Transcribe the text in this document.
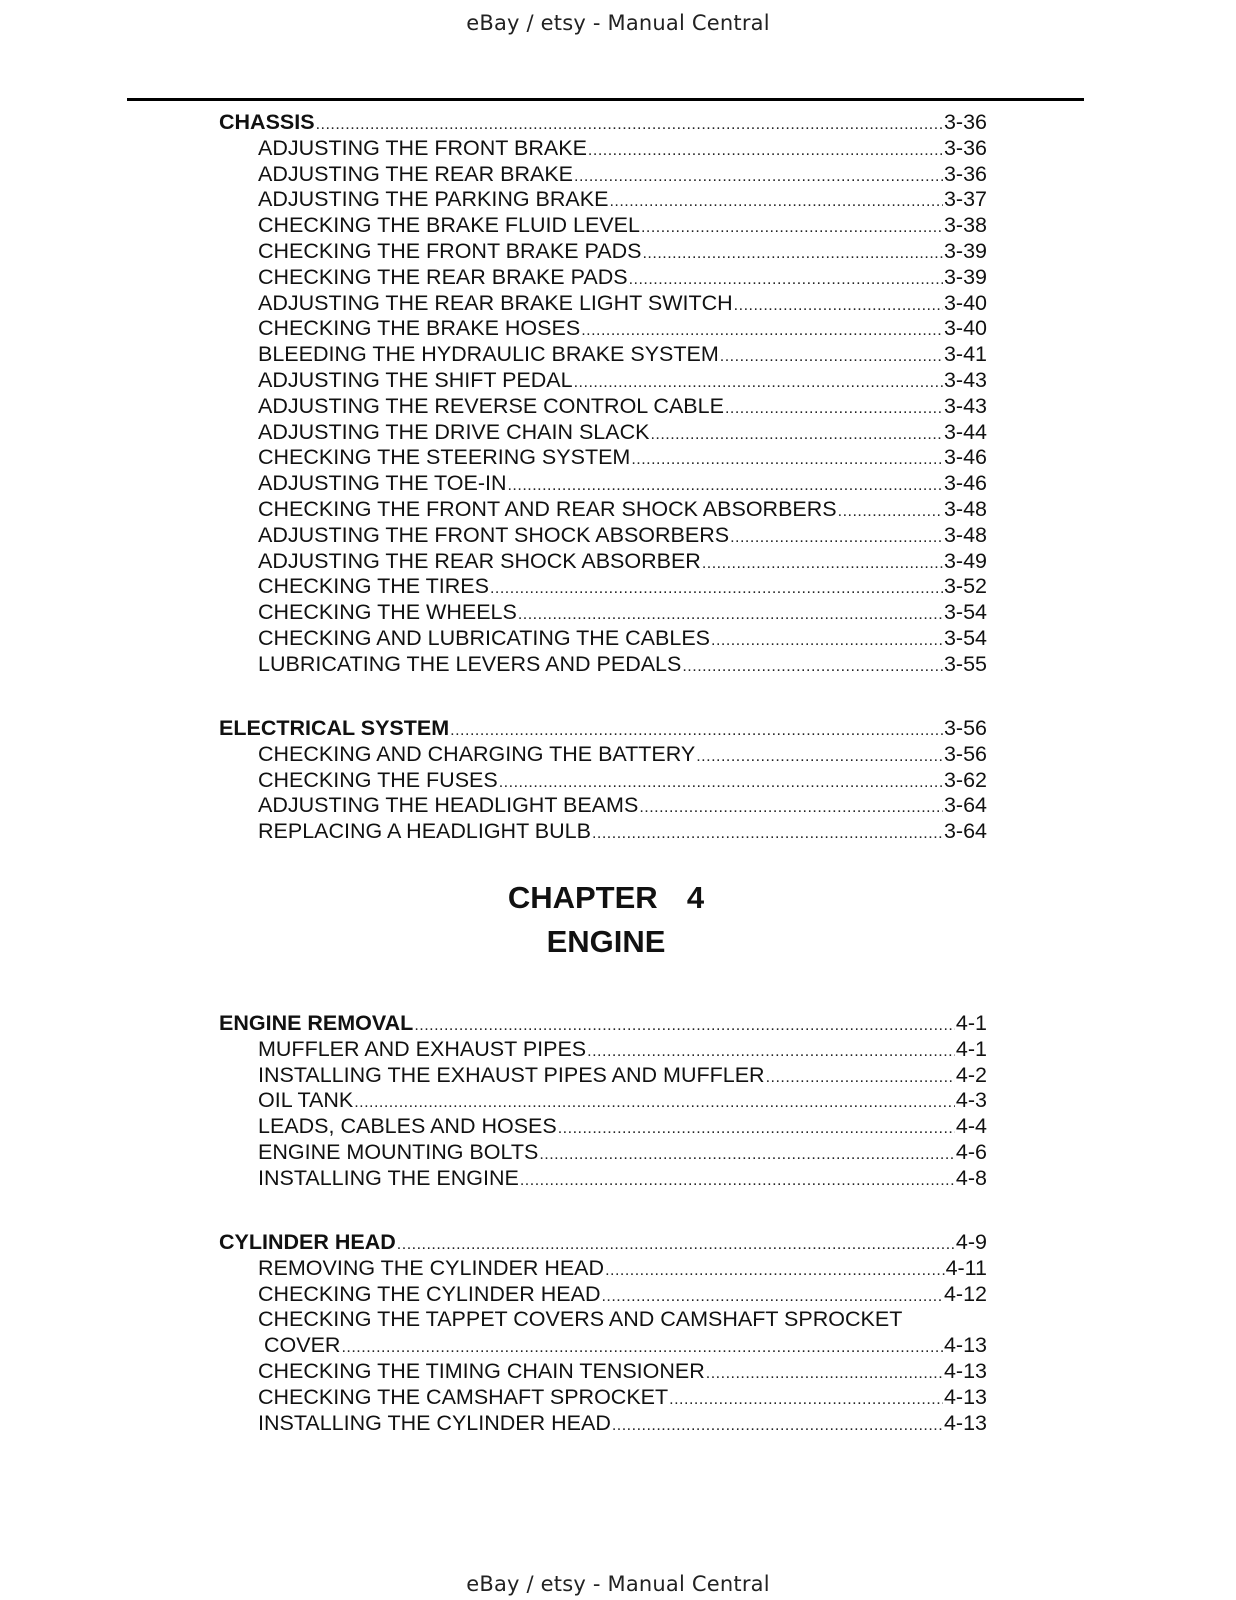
eBay / etsy - Manual Central
CHASSIS .....	3-36
ADJUSTING THE FRONT BRAKE .....	3-36
ADJUSTING THE REAR BRAKE .....	3-36
ADJUSTING THE PARKING BRAKE .....	3-37
CHECKING THE BRAKE FLUID LEVEL .....	3-38
CHECKING THE FRONT BRAKE PADS .....	3-39
CHECKING THE REAR BRAKE PADS .....	3-39
ADJUSTING THE REAR BRAKE LIGHT SWITCH .....	3-40
CHECKING THE BRAKE HOSES .....	3-40
BLEEDING THE HYDRAULIC BRAKE SYSTEM .....	3-41
ADJUSTING THE SHIFT PEDAL .....	3-43
ADJUSTING THE REVERSE CONTROL CABLE .....	3-43
ADJUSTING THE DRIVE CHAIN SLACK .....	3-44
CHECKING THE STEERING SYSTEM .....	3-46
ADJUSTING THE TOE-IN .....	3-46
CHECKING THE FRONT AND REAR SHOCK ABSORBERS .....	3-48
ADJUSTING THE FRONT SHOCK ABSORBERS .....	3-48
ADJUSTING THE REAR SHOCK ABSORBER .....	3-49
CHECKING THE TIRES .....	3-52
CHECKING THE WHEELS .....	3-54
CHECKING AND LUBRICATING THE CABLES .....	3-54
LUBRICATING THE LEVERS AND PEDALS .....	3-55
ELECTRICAL SYSTEM .....	3-56
CHECKING AND CHARGING THE BATTERY .....	3-56
CHECKING THE FUSES .....	3-62
ADJUSTING THE HEADLIGHT BEAMS .....	3-64
REPLACING A HEADLIGHT BULB .....	3-64
CHAPTER  4
ENGINE
ENGINE REMOVAL .....	4-1
MUFFLER AND EXHAUST PIPES .....	4-1
INSTALLING THE EXHAUST PIPES AND MUFFLER .....	4-2
OIL TANK .....	4-3
LEADS, CABLES AND HOSES .....	4-4
ENGINE MOUNTING BOLTS .....	4-6
INSTALLING THE ENGINE .....	4-8
CYLINDER HEAD .....	4-9
REMOVING THE CYLINDER HEAD .....	4-11
CHECKING THE CYLINDER HEAD .....	4-12
CHECKING THE TAPPET COVERS AND CAMSHAFT SPROCKET
COVER .....	4-13
CHECKING THE TIMING CHAIN TENSIONER .....	4-13
CHECKING THE CAMSHAFT SPROCKET .....	4-13
INSTALLING THE CYLINDER HEAD .....	4-13
eBay / etsy - Manual Central
